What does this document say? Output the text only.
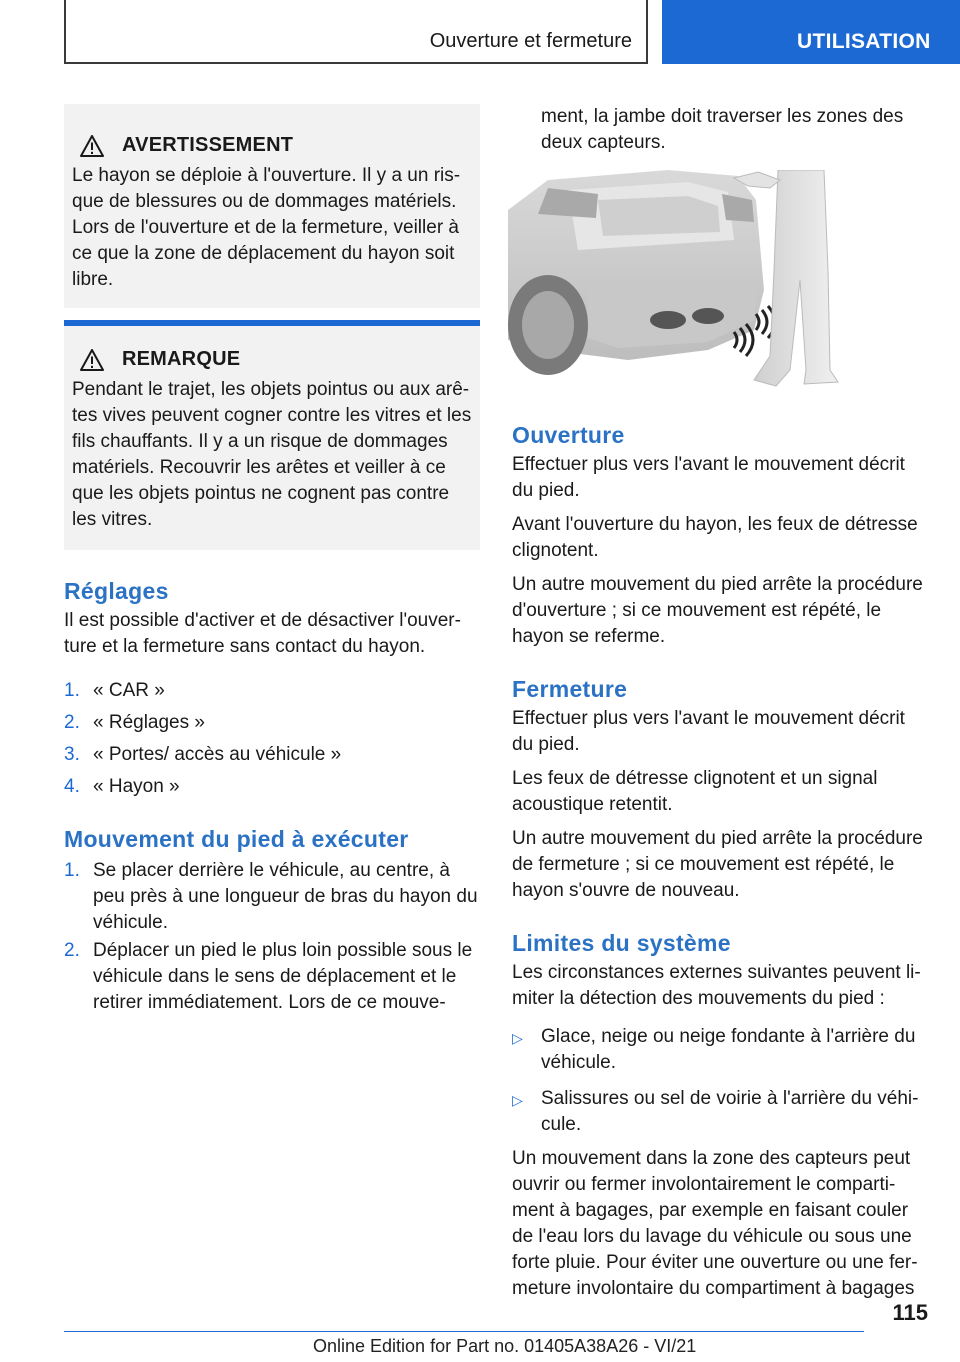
Ouverture et fermeture	UTILISATION
AVERTISSEMENT

Le hayon se déploie à l'ouverture. Il y a un ris-que de blessures ou de dommages matériels. Lors de l'ouverture et de la fermeture, veiller à ce que la zone de déplacement du hayon soit libre.

REMARQUE

Pendant le trajet, les objets pointus ou aux arê-tes vives peuvent cogner contre les vitres et les fils chauffants. Il y a un risque de dommages matériels. Recouvrir les arêtes et veiller à ce que les objets pointus ne cognent pas contre les vitres.

Réglages

Il est possible d'activer et de désactiver l'ouver-ture et la fermeture sans contact du hayon.

1. « CAR »
2. « Réglages »
3. « Portes/ accès au véhicule »
4. « Hayon »
Mouvement du pied à exécuter
1. Se placer derrière le véhicule, au centre, à peu près à une longueur de bras du hayon du véhicule.
2. Déplacer un pied le plus loin possible sous le véhicule dans le sens de déplacement et le retirer immédiatement. Lors de ce mouve-
ment, la jambe doit traverser les zones des deux capteurs.
Ouverture

Effectuer plus vers l'avant le mouvement décrit du pied.

Avant l'ouverture du hayon, les feux de détresse clignotent.

Un autre mouvement du pied arrête la procédure d'ouverture ; si ce mouvement est répété, le hayon se referme.

Fermeture

Effectuer plus vers l'avant le mouvement décrit du pied.

Les feux de détresse clignotent et un signal acoustique retentit.

Un autre mouvement du pied arrête la procédure de fermeture ; si ce mouvement est répété, le hayon s'ouvre de nouveau.

Limites du système

Les circonstances externes suivantes peuvent li-miter la détection des mouvements du pied :

▷ Glace, neige ou neige fondante à l'arrière du véhicule.
▷ Salissures ou sel de voirie à l'arrière du véhi-cule.

Un mouvement dans la zone des capteurs peut ouvrir ou fermer involontairement le comparti-ment à bagages, par exemple en faisant couler de l'eau lors du lavage du véhicule ou sous une forte pluie. Pour éviter une ouverture ou une fer-meture involontaire du compartiment à bagages

115
Online Edition for Part no. 01405A38A26 - VI/21
